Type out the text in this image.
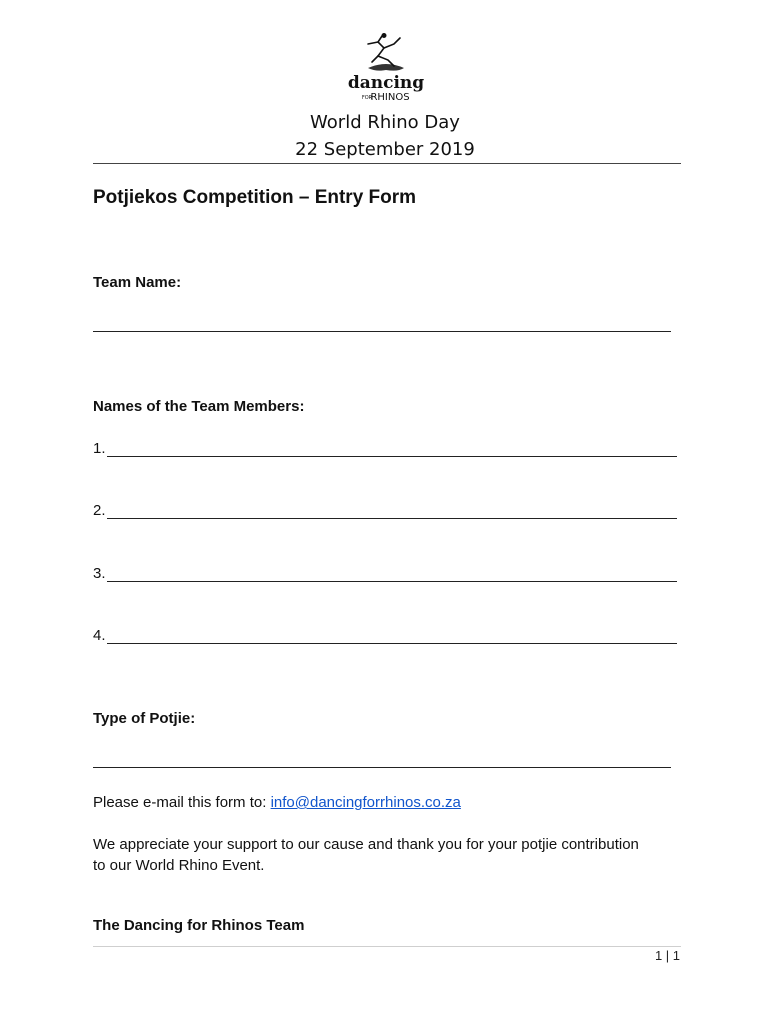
dancing
FOR
RHINOS
World Rhino Day
22 September 2019
Potjiekos Competition – Entry Form
Team Name:
Names of the Team Members:
1.
2.
3.
4.
Type of Potjie:
Please e-mail this form to: info@dancingforrhinos.co.za
We appreciate your support to our cause and thank you for your potjie contribution to our World Rhino Event.
The Dancing for Rhinos Team
1 | 1
